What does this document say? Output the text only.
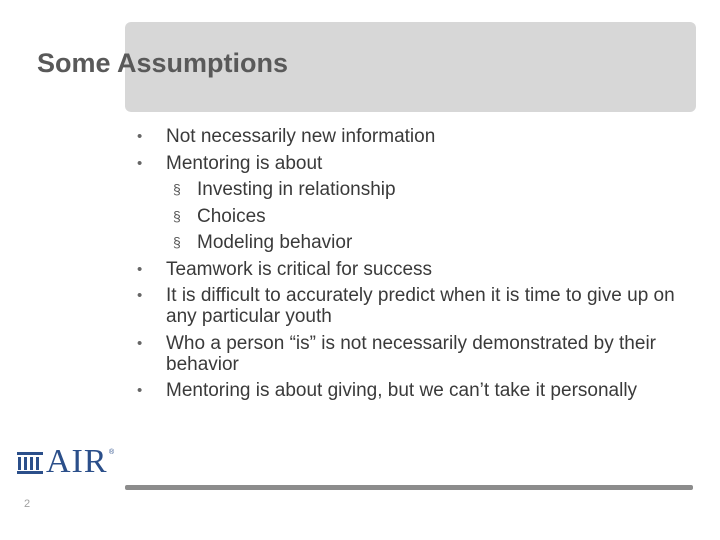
Some Assumptions
• Not necessarily new information
• Mentoring is about
§ Investing in relationship
§ Choices
§ Modeling behavior
• Teamwork is critical for success
• It is difficult to accurately predict when it is time to give up on any particular youth
• Who a person “is” is not necessarily demonstrated by their behavior
• Mentoring is about giving, but we can’t take it personally
AIR ®
2
